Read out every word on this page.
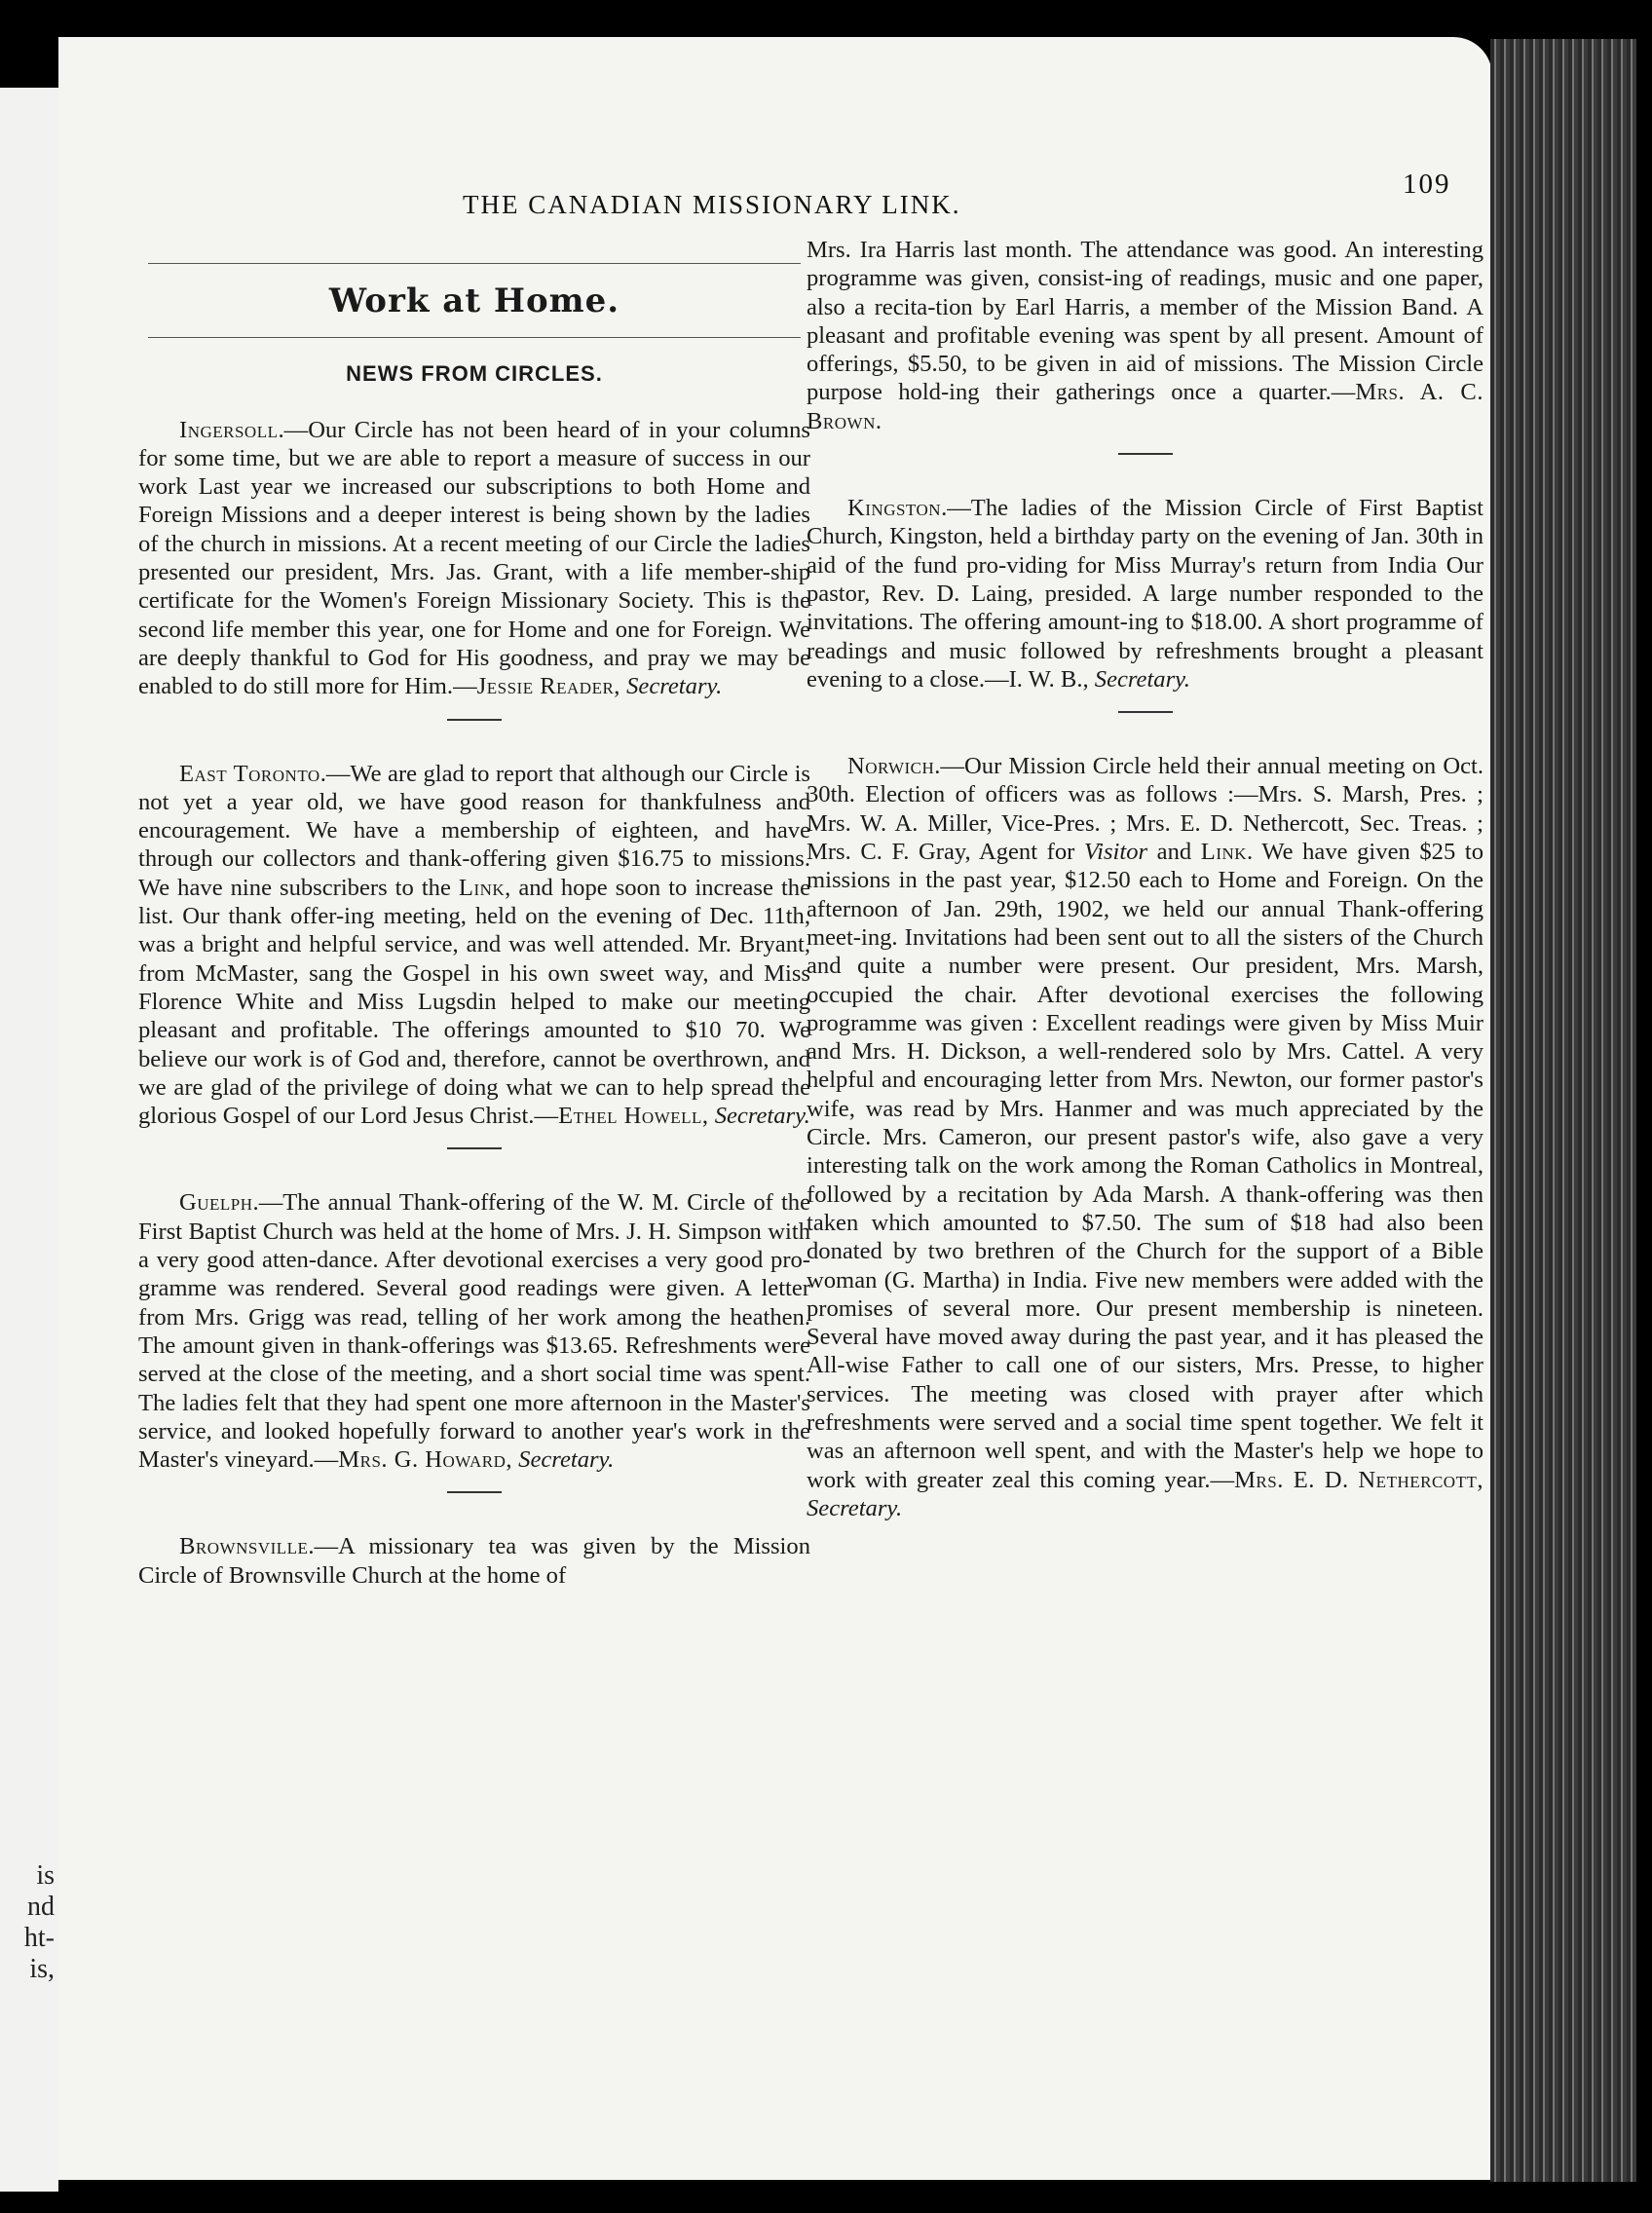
is
nd
ht-
is,
THE CANADIAN MISSIONARY LINK.
109
Work at Home.
NEWS FROM CIRCLES.

Ingersoll.—Our Circle has not been heard of in your columns for some time, but we are able to report a measure of success in our work Last year we increased our subscriptions to both Home and Foreign Missions and a deeper interest is being shown by the ladies of the church in missions. At a recent meeting of our Circle the ladies presented our president, Mrs. Jas. Grant, with a life member-ship certificate for the Women's Foreign Missionary Society. This is the second life member this year, one for Home and one for Foreign. We are deeply thankful to God for His goodness, and pray we may be enabled to do still more for Him.—Jessie Reader, Secretary.

East Toronto.—We are glad to report that although our Circle is not yet a year old, we have good reason for thankfulness and encouragement. We have a membership of eighteen, and have through our collectors and thank-offering given $16.75 to missions. We have nine subscribers to the Link, and hope soon to increase the list. Our thank offer-ing meeting, held on the evening of Dec. 11th, was a bright and helpful service, and was well attended. Mr. Bryant, from McMaster, sang the Gospel in his own sweet way, and Miss Florence White and Miss Lugsdin helped to make our meeting pleasant and profitable. The offerings amounted to $10 70. We believe our work is of God and, therefore, cannot be overthrown, and we are glad of the privilege of doing what we can to help spread the glorious Gospel of our Lord Jesus Christ.—Ethel Howell, Secretary.

Guelph.—The annual Thank-offering of the W. M. Circle of the First Baptist Church was held at the home of Mrs. J. H. Simpson with a very good atten-dance. After devotional exercises a very good pro-gramme was rendered. Several good readings were given. A letter from Mrs. Grigg was read, telling of her work among the heathen. The amount given in thank-offerings was $13.65. Refreshments were served at the close of the meeting, and a short social time was spent. The ladies felt that they had spent one more afternoon in the Master's service, and looked hopefully forward to another year's work in the Master's vineyard.—Mrs. G. Howard, Secretary.

Brownsville.—A missionary tea was given by the Mission Circle of Brownsville Church at the home of

Mrs. Ira Harris last month. The attendance was good. An interesting programme was given, consist-ing of readings, music and one paper, also a recita-tion by Earl Harris, a member of the Mission Band. A pleasant and profitable evening was spent by all present. Amount of offerings, $5.50, to be given in aid of missions. The Mission Circle purpose hold-ing their gatherings once a quarter.—Mrs. A. C. Brown.

Kingston.—The ladies of the Mission Circle of First Baptist Church, Kingston, held a birthday party on the evening of Jan. 30th in aid of the fund pro-viding for Miss Murray's return from India Our pastor, Rev. D. Laing, presided. A large number responded to the invitations. The offering amount-ing to $18.00. A short programme of readings and music followed by refreshments brought a pleasant evening to a close.—I. W. B., Secretary.

Norwich.—Our Mission Circle held their annual meeting on Oct. 30th. Election of officers was as follows :—Mrs. S. Marsh, Pres. ; Mrs. W. A. Miller, Vice-Pres. ; Mrs. E. D. Nethercott, Sec. Treas. ; Mrs. C. F. Gray, Agent for Visitor and Link. We have given $25 to missions in the past year, $12.50 each to Home and Foreign. On the afternoon of Jan. 29th, 1902, we held our annual Thank-offering meet-ing. Invitations had been sent out to all the sisters of the Church and quite a number were present. Our president, Mrs. Marsh, occupied the chair. After devotional exercises the following programme was given : Excellent readings were given by Miss Muir and Mrs. H. Dickson, a well-rendered solo by Mrs. Cattel. A very helpful and encouraging letter from Mrs. Newton, our former pastor's wife, was read by Mrs. Hanmer and was much appreciated by the Circle. Mrs. Cameron, our present pastor's wife, also gave a very interesting talk on the work among the Roman Catholics in Montreal, followed by a recitation by Ada Marsh. A thank-offering was then taken which amounted to $7.50. The sum of $18 had also been donated by two brethren of the Church for the support of a Bible woman (G. Martha) in India. Five new members were added with the promises of several more. Our present membership is nineteen. Several have moved away during the past year, and it has pleased the All-wise Father to call one of our sisters, Mrs. Presse, to higher services. The meeting was closed with prayer after which refreshments were served and a social time spent together. We felt it was an afternoon well spent, and with the Master's help we hope to work with greater zeal this coming year.—Mrs. E. D. Nethercott, Secretary.
